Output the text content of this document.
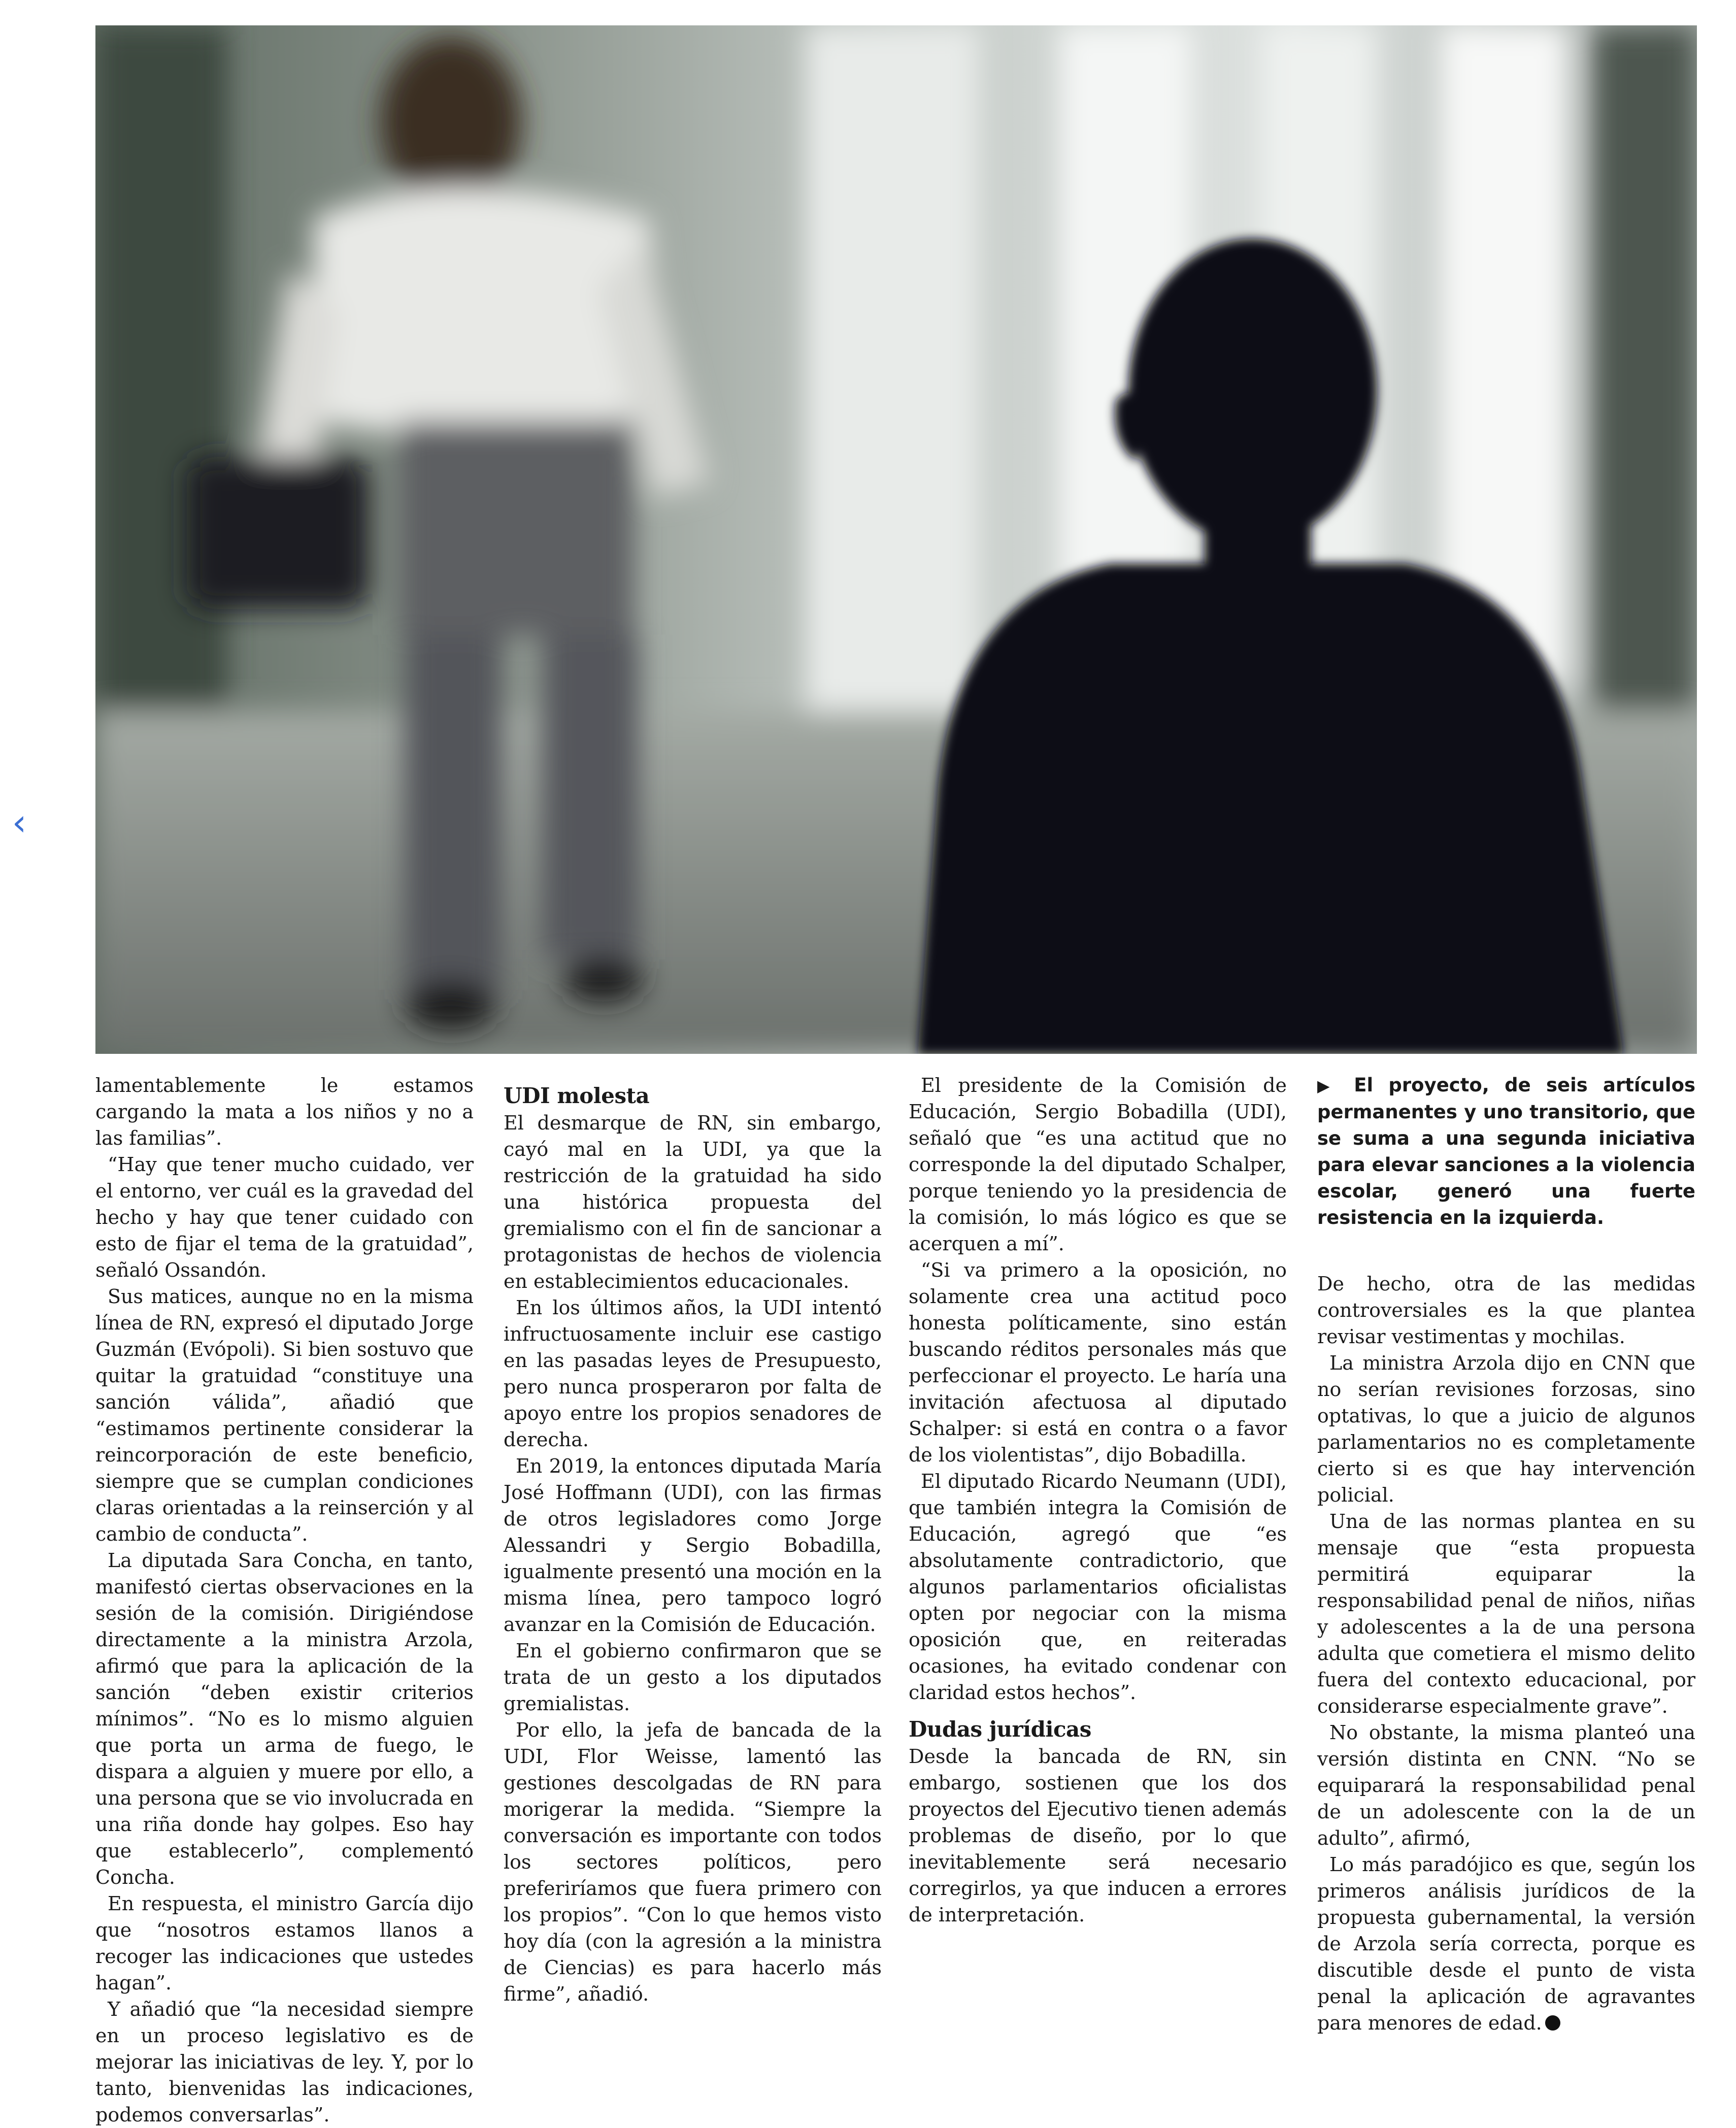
‹

lamentablemente le estamos cargando la mata a los niños y no a las familias”.

“Hay que tener mucho cuidado, ver el entorno, ver cuál es la gravedad del hecho y hay que tener cuidado con esto de fijar el tema de la gratuidad”, señaló Ossandón.

Sus matices, aunque no en la misma línea de RN, expresó el diputado Jorge Guzmán (Evópoli). Si bien sostuvo que quitar la gratuidad “constituye una sanción válida”, añadió que “estimamos pertinente considerar la reincorporación de este beneficio, siempre que se cumplan condiciones claras orientadas a la reinserción y al cambio de conducta”.

La diputada Sara Concha, en tanto, manifestó ciertas observaciones en la sesión de la comisión. Dirigiéndose directamente a la ministra Arzola, afirmó que para la aplicación de la sanción “deben existir criterios mínimos”. “No es lo mismo alguien que porta un arma de fuego, le dispara a alguien y muere por ello, a una persona que se vio involucrada en una riña donde hay golpes. Eso hay que establecerlo”, complementó Concha.

En respuesta, el ministro García dijo que “nosotros estamos llanos a recoger las indicaciones que ustedes hagan”.

Y añadió que “la necesidad siempre en un proceso legislativo es de mejorar las iniciativas de ley. Y, por lo tanto, bienvenidas las indicaciones, podemos conversarlas”.

UDI molesta

El desmarque de RN, sin embargo, cayó mal en la UDI, ya que la restricción de la gratuidad ha sido una histórica propuesta del gremialismo con el fin de sancionar a protagonistas de hechos de violencia en establecimientos educacionales.

En los últimos años, la UDI intentó infructuosamente incluir ese castigo en las pasadas leyes de Presupuesto, pero nunca prosperaron por falta de apoyo entre los propios senadores de derecha.

En 2019, la entonces diputada María José Hoffmann (UDI), con las firmas de otros legisladores como Jorge Alessandri y Sergio Bobadilla, igualmente presentó una moción en la misma línea, pero tampoco logró avanzar en la Comisión de Educación.

En el gobierno confirmaron que se trata de un gesto a los diputados gremialistas.

Por ello, la jefa de bancada de la UDI, Flor Weisse, lamentó las gestiones descolgadas de RN para morigerar la medida. “Siempre la conversación es importante con todos los sectores políticos, pero preferiríamos que fuera primero con los propios”. “Con lo que hemos visto hoy día (con la agresión a la ministra de Ciencias) es para hacerlo más firme”, añadió.

El presidente de la Comisión de Educación, Sergio Bobadilla (UDI), señaló que “es una actitud que no corresponde la del diputado Schalper, porque teniendo yo la presidencia de la comisión, lo más lógico es que se acerquen a mí”.

“Si va primero a la oposición, no solamente crea una actitud poco honesta políticamente, sino están buscando réditos personales más que perfeccionar el proyecto. Le haría una invitación afectuosa al diputado Schalper: si está en contra o a favor de los violentistas”, dijo Bobadilla.

El diputado Ricardo Neumann (UDI), que también integra la Comisión de Educación, agregó que “es absolutamente contradictorio, que algunos parlamentarios oficialistas opten por negociar con la misma oposición que, en reiteradas ocasiones, ha evitado condenar con claridad estos hechos”.

Dudas jurídicas

Desde la bancada de RN, sin embargo, sostienen que los dos proyectos del Ejecutivo tienen además problemas de diseño, por lo que inevitablemente será necesario corregirlos, ya que inducen a errores de interpretación.

▶ El proyecto, de seis artículos permanentes y uno transitorio, que se suma a una segunda iniciativa para elevar sanciones a la violencia escolar, generó una fuerte resistencia en la izquierda.

De hecho, otra de las medidas controversiales es la que plantea revisar vestimentas y mochilas.

La ministra Arzola dijo en CNN que no serían revisiones forzosas, sino optativas, lo que a juicio de algunos parlamentarios no es completamente cierto si es que hay intervención policial.

Una de las normas plantea en su mensaje que “esta propuesta permitirá equiparar la responsabilidad penal de niños, niñas y adolescentes a la de una persona adulta que cometiera el mismo delito fuera del contexto educacional, por considerarse especialmente grave”.

No obstante, la misma planteó una versión distinta en CNN. “No se equiparará la responsabilidad penal de un adolescente con la de un adulto”, afirmó,

Lo más paradójico es que, según los primeros análisis jurídicos de la propuesta gubernamental, la versión de Arzola sería correcta, porque es discutible desde el punto de vista penal la aplicación de agravantes para menores de edad.
